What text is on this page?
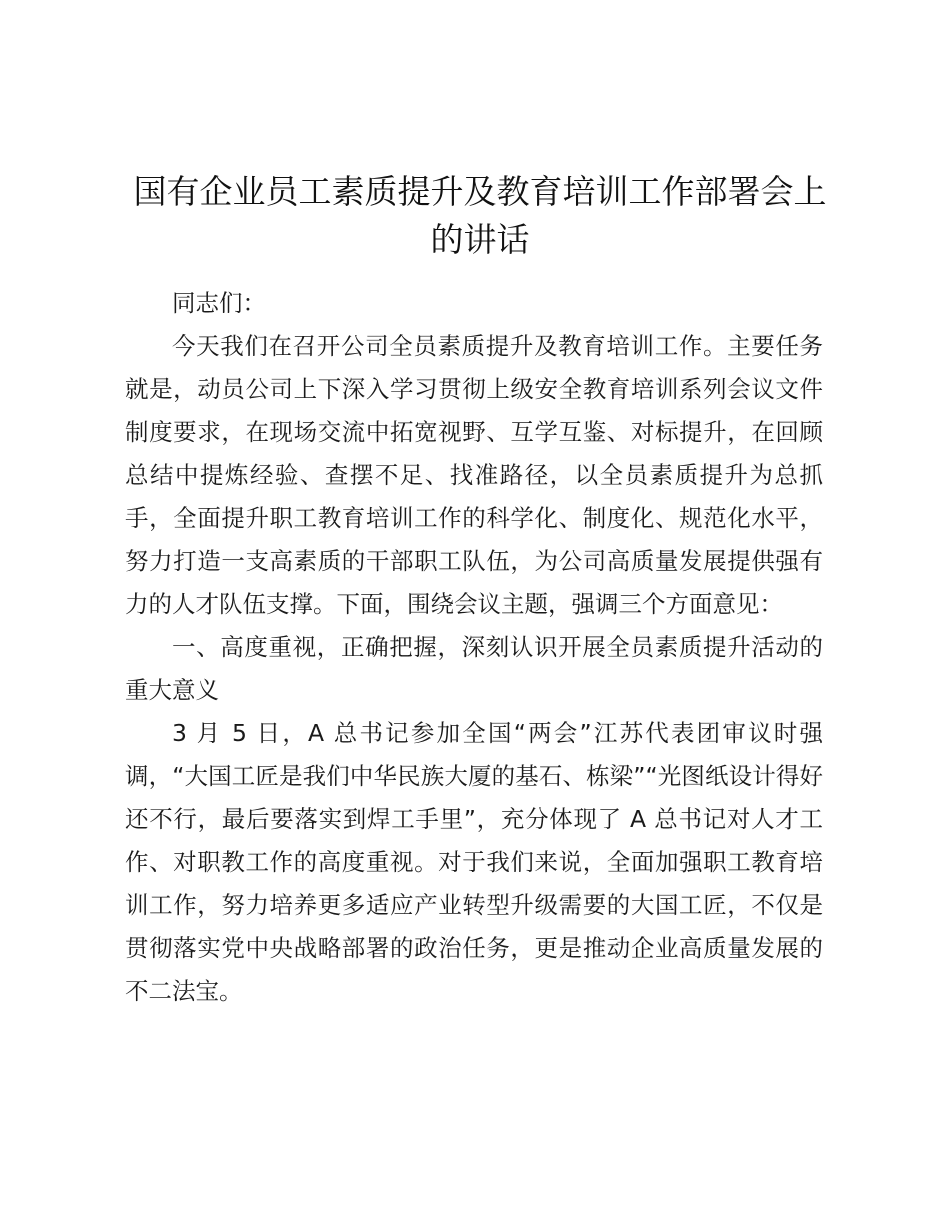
国有企业员工素质提升及教育培训工作部署会上的讲话

同志们：

今天我们在召开公司全员素质提升及教育培训工作。主要任务就是，动员公司上下深入学习贯彻上级安全教育培训系列会议文件制度要求，在现场交流中拓宽视野、互学互鉴、对标提升，在回顾总结中提炼经验、查摆不足、找准路径，以全员素质提升为总抓手，全面提升职工教育培训工作的科学化、制度化、规范化水平，努力打造一支高素质的干部职工队伍，为公司高质量发展提供强有力的人才队伍支撑。下面，围绕会议主题，强调三个方面意见：

一、高度重视，正确把握，深刻认识开展全员素质提升活动的重大意义

3 月 5 日，A 总书记参加全国“两会”江苏代表团审议时强调，“大国工匠是我们中华民族大厦的基石、栋梁”“光图纸设计得好还不行，最后要落实到焊工手里”，充分体现了 A 总书记对人才工作、对职教工作的高度重视。对于我们来说，全面加强职工教育培训工作，努力培养更多适应产业转型升级需要的大国工匠，不仅是贯彻落实党中央战略部署的政治任务，更是推动企业高质量发展的不二法宝。
